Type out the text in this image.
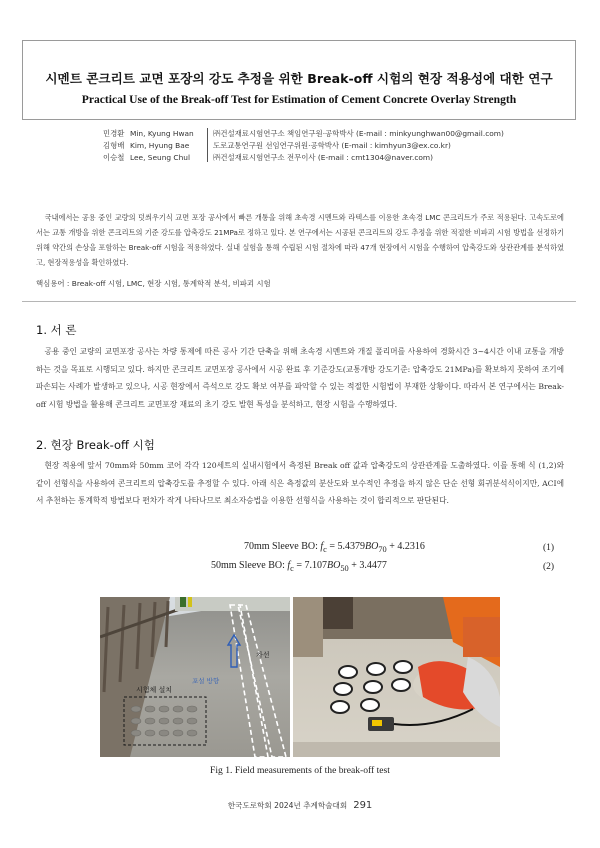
시멘트 콘크리트 교면 포장의 강도 추정을 위한 Break-off 시험의 현장 적용성에 대한 연구
Practical Use of the Break-off Test for Estimation of Cement Concrete Overlay Strength
민경환 Min, Kyung Hwan	㈜건설재료시험연구소 책임연구원·공학박사 (E-mail : minkyunghwan00@gmail.com)
김형배 Kim, Hyung Bae	도로교통연구원 선임연구위원·공학박사 (E-mail : kimhyun3@ex.co.kr)
이승철 Lee, Seung Chul	㈜건설재료시험연구소 전무이사 (E-mail : cmt1304@naver.com)
국내에서는 공용 중인 교량의 덧씌우기식 교면 포장 공사에서 빠른 개통을 위해 초속경 시멘트와 라텍스를 이용한 초속경 LMC 콘크리트가 주로 적용된다. 고속도로에서는 교통 개방을 위한 콘크리트의 기준 강도를 압축강도 21MPa로 정하고 있다. 본 연구에서는 시공된 콘크리트의 강도 추정을 위한 적절한 비파괴 시험 방법을 선정하기 위해 약간의 손상을 포함하는 Break-off 시험을 적용하였다. 실내 실험을 통해 수립된 시험 절차에 따라 47개 현장에서 시험을 수행하여 압축강도와 상관관계를 분석하였고, 현장적용성을 확인하였다.
핵심용어 : Break-off 시험, LMC, 현장 시험, 통계학적 분석, 비파괴 시험
1. 서 론
공용 중인 교량의 교면포장 공사는 차량 통제에 따른 공사 기간 단축을 위해 초속경 시멘트와 개질 폴리머를 사용하여 경화시간 3~4시간 이내 교통을 개방하는 것을 목표로 시행되고 있다. 하지만 콘크리트 교면포장 공사에서 시공 완료 후 기준강도(교통개방 강도기준: 압축강도 21MPa)를 확보하지 못하여 조기에 파손되는 사례가 발생하고 있으나, 시공 현장에서 즉석으로 강도 확보 여부를 파악할 수 있는 적절한 시험법이 부재한 상황이다. 따라서 본 연구에서는 Break-off 시험 방법을 활용해 콘크리트 교면포장 재료의 초기 강도 발현 특성을 분석하고, 현장 시험을 수행하였다.
2. 현장 Break-off 시험
현장 적용에 앞서 70mm와 50mm 코어 각각 120세트의 실내시험에서 측정된 Break off 값과 압축강도의 상관관계를 도출하였다. 이를 통해 식 (1,2)와 같이 선형식을 사용하여 콘크리트의 압축강도를 추정할 수 있다. 아래 식은 측정값의 분산도와 보수적인 추정을 하지 않은 단순 선형 회귀분석식이지만, ACI에서 추천하는 통계학적 방법보다 편차가 작게 나타나므로 최소자승법을 이용한 선형식을 사용하는 것이 합리적으로 판단된다.
70mm Sleeve BO: $f_c = 5.4379BO_{70} + 4.2316$	(1)
50mm Sleeve BO: $f_c = 7.107BO_{50} + 3.4477$	(2)
차선
포설 방향
시험체 설치
Fig 1. Field measurements of the break-off test
한국도로학회 2024년 추계학술대회 291
